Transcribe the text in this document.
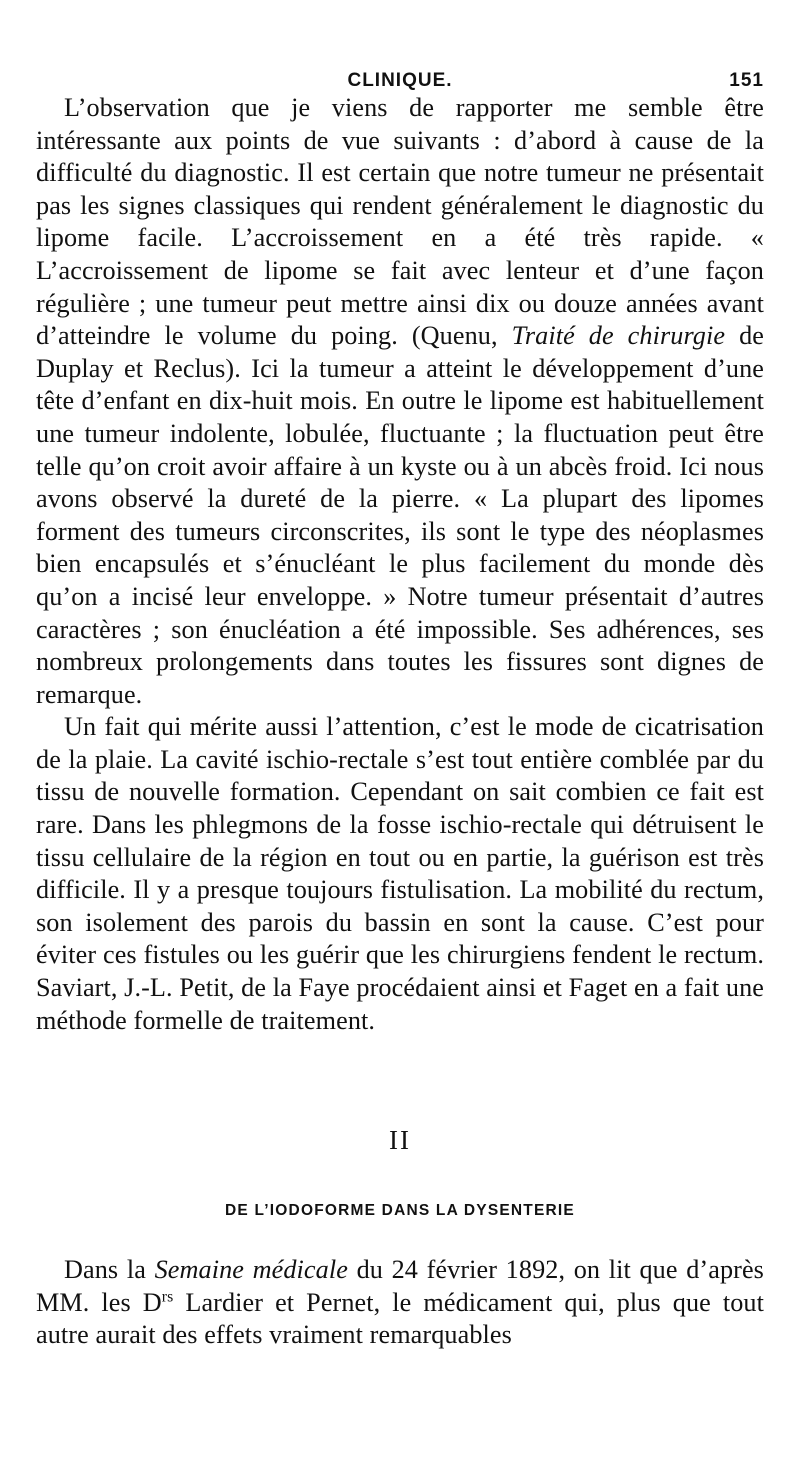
CLINIQUE.	151

L’observation que je viens de rapporter me semble être intéressante aux points de vue suivants : d’abord à cause de la difficulté du diagnostic. Il est certain que notre tumeur ne présentait pas les signes classiques qui rendent généralement le diagnostic du lipome facile. L’accroissement en a été très rapide. « L’accroissement de lipome se fait avec lenteur et d’une façon régulière ; une tumeur peut mettre ainsi dix ou douze années avant d’atteindre le volume du poing. (Quenu, Traité de chirurgie de Duplay et Reclus). Ici la tumeur a atteint le développement d’une tête d’enfant en dix-huit mois. En outre le lipome est habituellement une tumeur indolente, lobulée, fluctuante ; la fluctuation peut être telle qu’on croit avoir affaire à un kyste ou à un abcès froid. Ici nous avons observé la dureté de la pierre. « La plupart des lipomes forment des tumeurs circonscrites, ils sont le type des néoplasmes bien encapsulés et s’énucléant le plus facilement du monde dès qu’on a incisé leur enveloppe. » Notre tumeur présentait d’autres caractères ; son énucléation a été impossible. Ses adhérences, ses nombreux prolongements dans toutes les fissures sont dignes de remarque.

Un fait qui mérite aussi l’attention, c’est le mode de cicatrisation de la plaie. La cavité ischio-rectale s’est tout entière comblée par du tissu de nouvelle formation. Cependant on sait combien ce fait est rare. Dans les phlegmons de la fosse ischio-rectale qui détruisent le tissu cellulaire de la région en tout ou en partie, la guérison est très difficile. Il y a presque toujours fistulisation. La mobilité du rectum, son isolement des parois du bassin en sont la cause. C’est pour éviter ces fistules ou les guérir que les chirurgiens fendent le rectum. Saviart, J.-L. Petit, de la Faye procédaient ainsi et Faget en a fait une méthode formelle de traitement.

II
DE L’IODOFORME DANS LA DYSENTERIE

Dans la Semaine médicale du 24 février 1892, on lit que d’après MM. les $D^{rs}$ Lardier et Pernet, le médicament qui, plus que tout autre aurait des effets vraiment remarquables
